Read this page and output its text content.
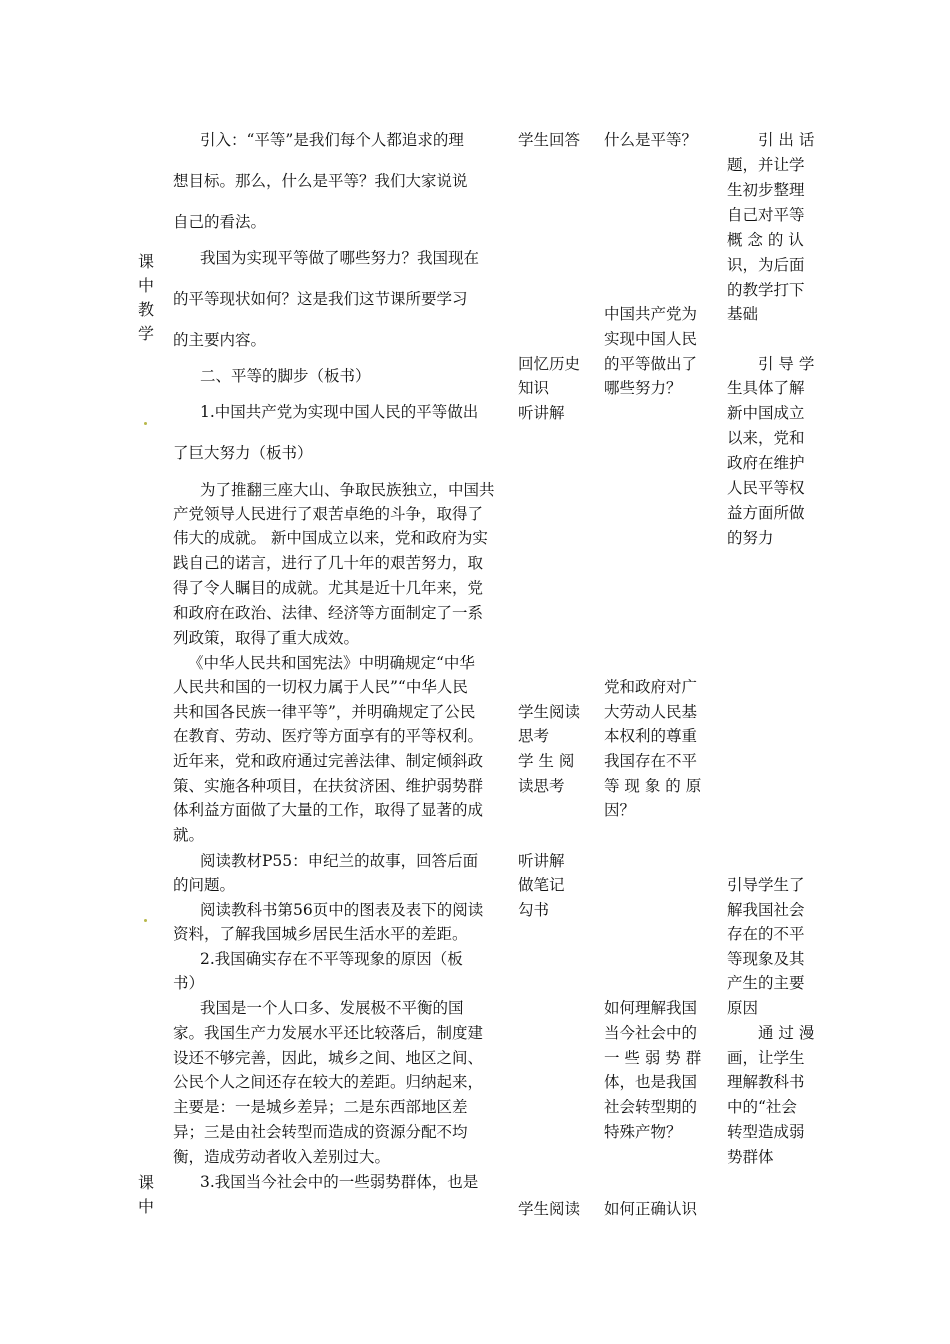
课
中
教
学
课
中
引入：“平等”是我们每个人都追求的理
想目标。那么，什么是平等？我们大家说说
自己的看法。
我国为实现平等做了哪些努力？我国现在
的平等现状如何？这是我们这节课所要学习
的主要内容。
二、平等的脚步（板书）
1.中国共产党为实现中国人民的平等做出
了巨大努力（板书）
为了推翻三座大山、争取民族独立，中国共
产党领导人民进行了艰苦卓绝的斗争，取得了
伟大的成就。 新中国成立以来，党和政府为实
践自己的诺言，进行了几十年的艰苦努力，取
得了令人瞩目的成就。尤其是近十几年来，党
和政府在政治、法律、经济等方面制定了一系
列政策，取得了重大成效。
《中华人民共和国宪法》中明确规定“中华
人民共和国的一切权力属于人民”“中华人民
共和国各民族一律平等”，并明确规定了公民
在教育、劳动、医疗等方面享有的平等权利。
近年来，党和政府通过完善法律、制定倾斜政
策、实施各种项目，在扶贫济困、维护弱势群
体利益方面做了大量的工作，取得了显著的成
就。
阅读教材P55：申纪兰的故事，回答后面
的问题。
阅读教科书第56页中的图表及表下的阅读
资料，了解我国城乡居民生活水平的差距。
2.我国确实存在不平等现象的原因（板
书）
我国是一个人口多、发展极不平衡的国
家。我国生产力发展水平还比较落后，制度建
设还不够完善，因此，城乡之间、地区之间、
公民个人之间还存在较大的差距。归纳起来，
主要是：一是城乡差异；二是东西部地区差
异；三是由社会转型而造成的资源分配不均
衡，造成劳动者收入差别过大。
3.我国当今社会中的一些弱势群体，也是
学生回答
回忆历史
知识
听讲解
学生阅读
思考
学 生 阅
读思考
听讲解
做笔记
勾书
学生阅读
什么是平等？
中国共产党为
实现中国人民
的平等做出了
哪些努力？
党和政府对广
大劳动人民基
本权利的尊重
我国存在不平
等 现 象 的 原
因？
如何理解我国
当今社会中的
一 些 弱 势 群
体，也是我国
社会转型期的
特殊产物？
如何正确认识
引 出 话
题，并让学
生初步整理
自己对平等
概 念 的 认
识，为后面
的教学打下
基础
引 导 学
生具体了解
新中国成立
以来，党和
政府在维护
人民平等权
益方面所做
的努力
引导学生了
解我国社会
存在的不平
等现象及其
产生的主要
原因
通 过 漫
画，让学生
理解教科书
中的“社会
转型造成弱
势群体
